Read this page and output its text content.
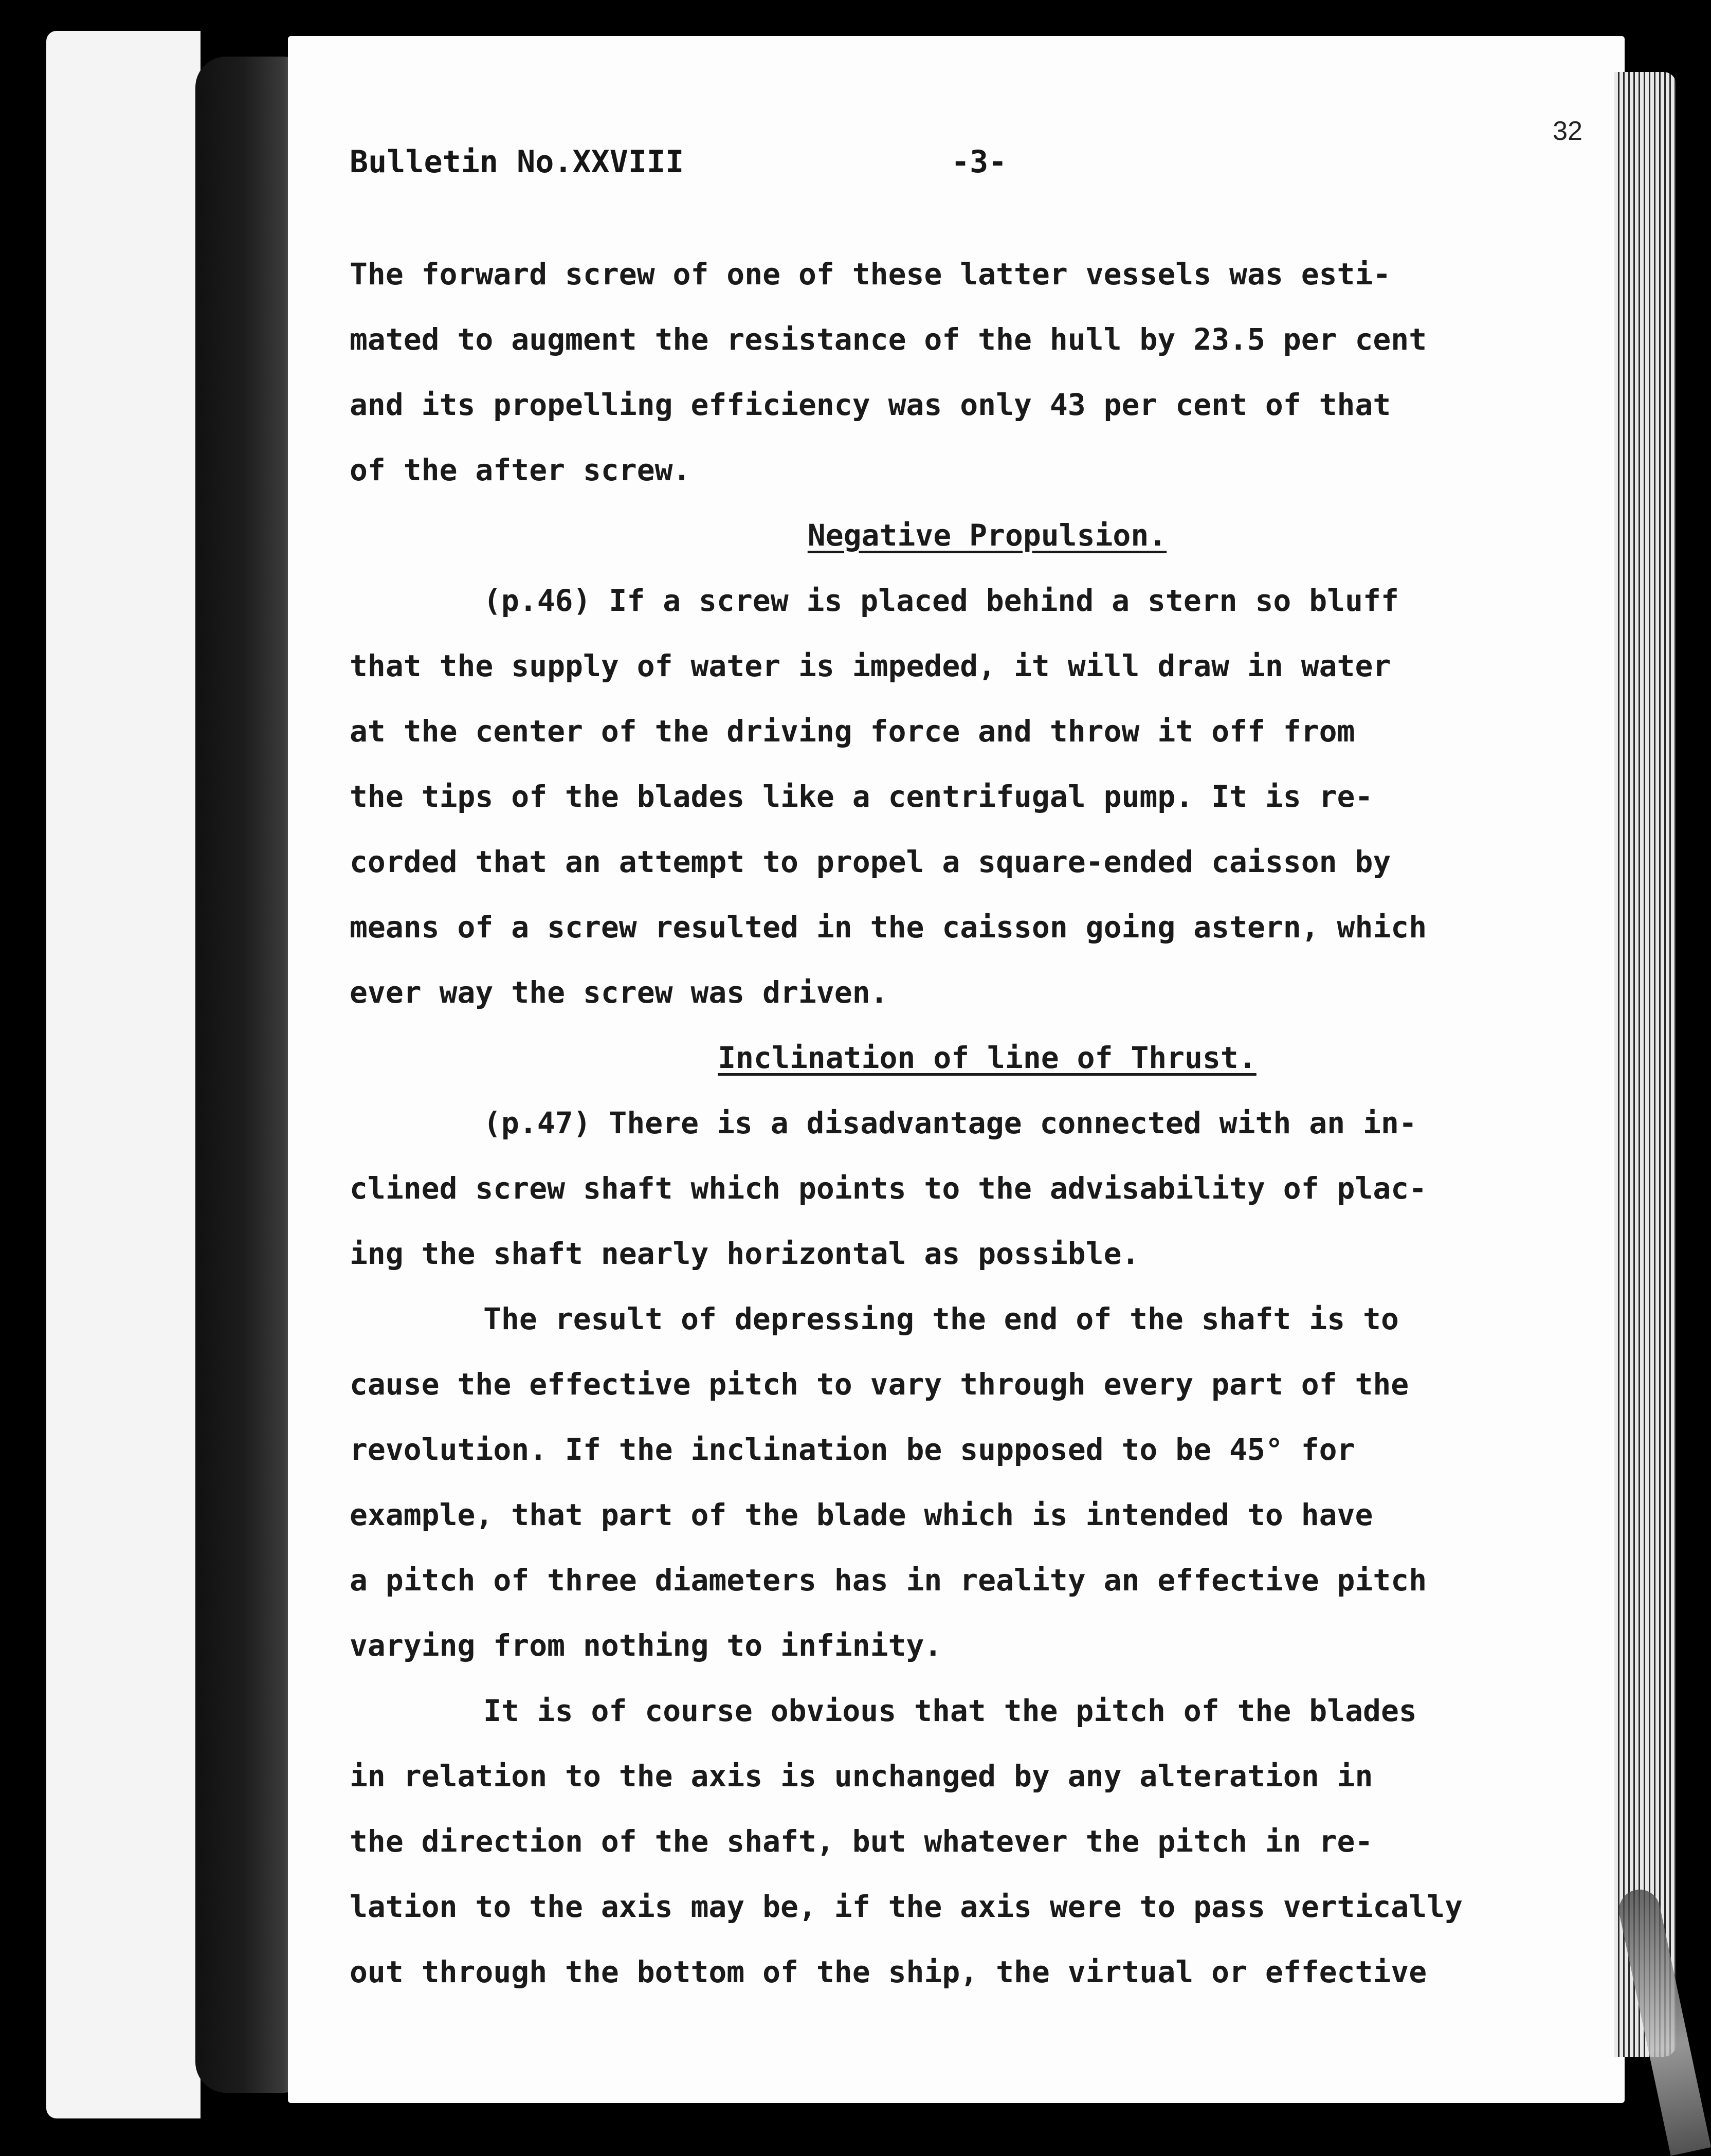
Bulletin No.XXVIII	-3-
32
The forward screw of one of these latter vessels was esti-
mated to augment the resistance of the hull by 23.5 per cent
and its propelling efficiency was only 43 per cent of that
of the after screw.
Negative Propulsion.
(p.46) If a screw is placed behind a stern so bluff
that the supply of water is impeded, it will draw in water
at the center of the driving force and throw it off from
the tips of the blades like a centrifugal pump. It is re-
corded that an attempt to propel a square-ended caisson by
means of a screw resulted in the caisson going astern, which
ever way the screw was driven.
Inclination of line of Thrust.
(p.47) There is a disadvantage connected with an in-
clined screw shaft which points to the advisability of plac-
ing the shaft nearly horizontal as possible.
The result of depressing the end of the shaft is to
cause the effective pitch to vary through every part of the
revolution. If the inclination be supposed to be 45° for
example, that part of the blade which is intended to have
a pitch of three diameters has in reality an effective pitch
varying from nothing to infinity.
It is of course obvious that the pitch of the blades
in relation to the axis is unchanged by any alteration in
the direction of the shaft, but whatever the pitch in re-
lation to the axis may be, if the axis were to pass vertically
out through the bottom of the ship, the virtual or effective
